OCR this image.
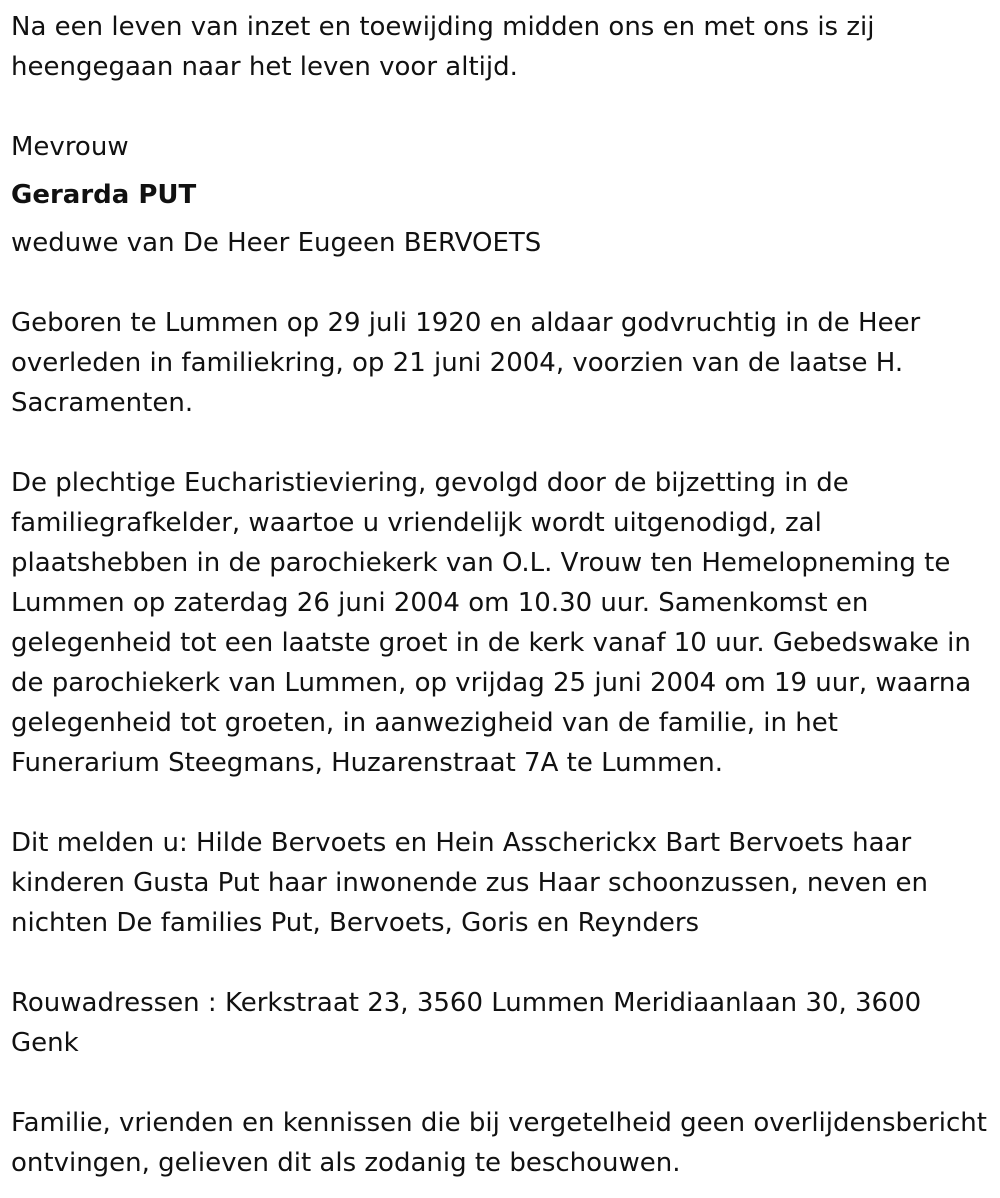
Na een leven van inzet en toewijding midden ons en met ons is zij heengegaan naar het leven voor altijd.

Mevrouw

Gerarda PUT

weduwe van De Heer Eugeen BERVOETS

Geboren te Lummen op 29 juli 1920 en aldaar godvruchtig in de Heer overleden in familiekring, op 21 juni 2004, voorzien van de laatse H. Sacramenten.

De plechtige Eucharistieviering, gevolgd door de bijzetting in de familiegrafkelder, waartoe u vriendelijk wordt uitgenodigd, zal plaatshebben in de parochiekerk van O.L. Vrouw ten Hemelopneming te Lummen op zaterdag 26 juni 2004 om 10.30 uur. Samenkomst en gelegenheid tot een laatste groet in de kerk vanaf 10 uur. Gebedswake in de parochiekerk van Lummen, op vrijdag 25 juni 2004 om 19 uur, waarna gelegenheid tot groeten, in aanwezigheid van de familie, in het Funerarium Steegmans, Huzarenstraat 7A te Lummen.

Dit melden u: Hilde Bervoets en Hein Asscherickx Bart Bervoets haar kinderen Gusta Put haar inwonende zus Haar schoonzussen, neven en nichten De families Put, Bervoets, Goris en Reynders

Rouwadressen : Kerkstraat 23, 3560 Lummen Meridiaanlaan 30, 3600 Genk

Familie, vrienden en kennissen die bij vergetelheid geen overlijdensbericht ontvingen, gelieven dit als zodanig te beschouwen.
